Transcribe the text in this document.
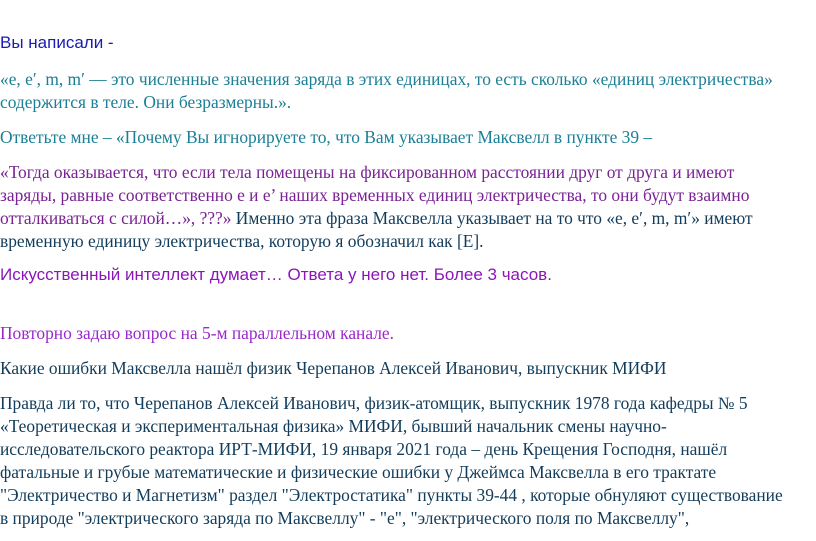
Вы написали -

«e, e′, m, m′ — это численные значения заряда в этих единицах, то есть сколько «единиц электричества»
содержится в теле. Они безразмерны.».

Ответьте мне – «Почему Вы игнорируете то, что Вам указывает Максвелл в пункте 39 –

«Тогда оказывается, что если тела помещены на фиксированном расстоянии друг от друга и имеют
заряды, равные соответственно e и e’ наших временных единиц электричества, то они будут взаимно
отталкиваться с силой…», ???» Именно эта фраза Максвелла указывает на то что «e, e′, m, m′» имеют
временную единицу электричества, которую я обозначил как [E].

Искусственный интеллект думает… Ответа у него нет. Более 3 часов.

Повторно задаю вопрос на 5-м параллельном канале.

Какие ошибки Максвелла нашёл физик Черепанов Алексей Иванович, выпускник МИФИ

Правда ли то, что Черепанов Алексей Иванович, физик-атомщик, выпускник 1978 года кафедры № 5
«Теоретическая и экспериментальная физика» МИФИ, бывший начальник смены научно-
исследовательского реактора ИРТ-МИФИ, 19 января 2021 года – день Крещения Господня, нашёл
фатальные и грубые математические и физические ошибки у Джеймса Максвелла в его трактате
"Электричество и Магнетизм" раздел "Электростатика" пункты 39-44 , которые обнуляют существование
в природе "электрического заряда по Максвеллу" - "e", "электрического поля по Максвеллу",
